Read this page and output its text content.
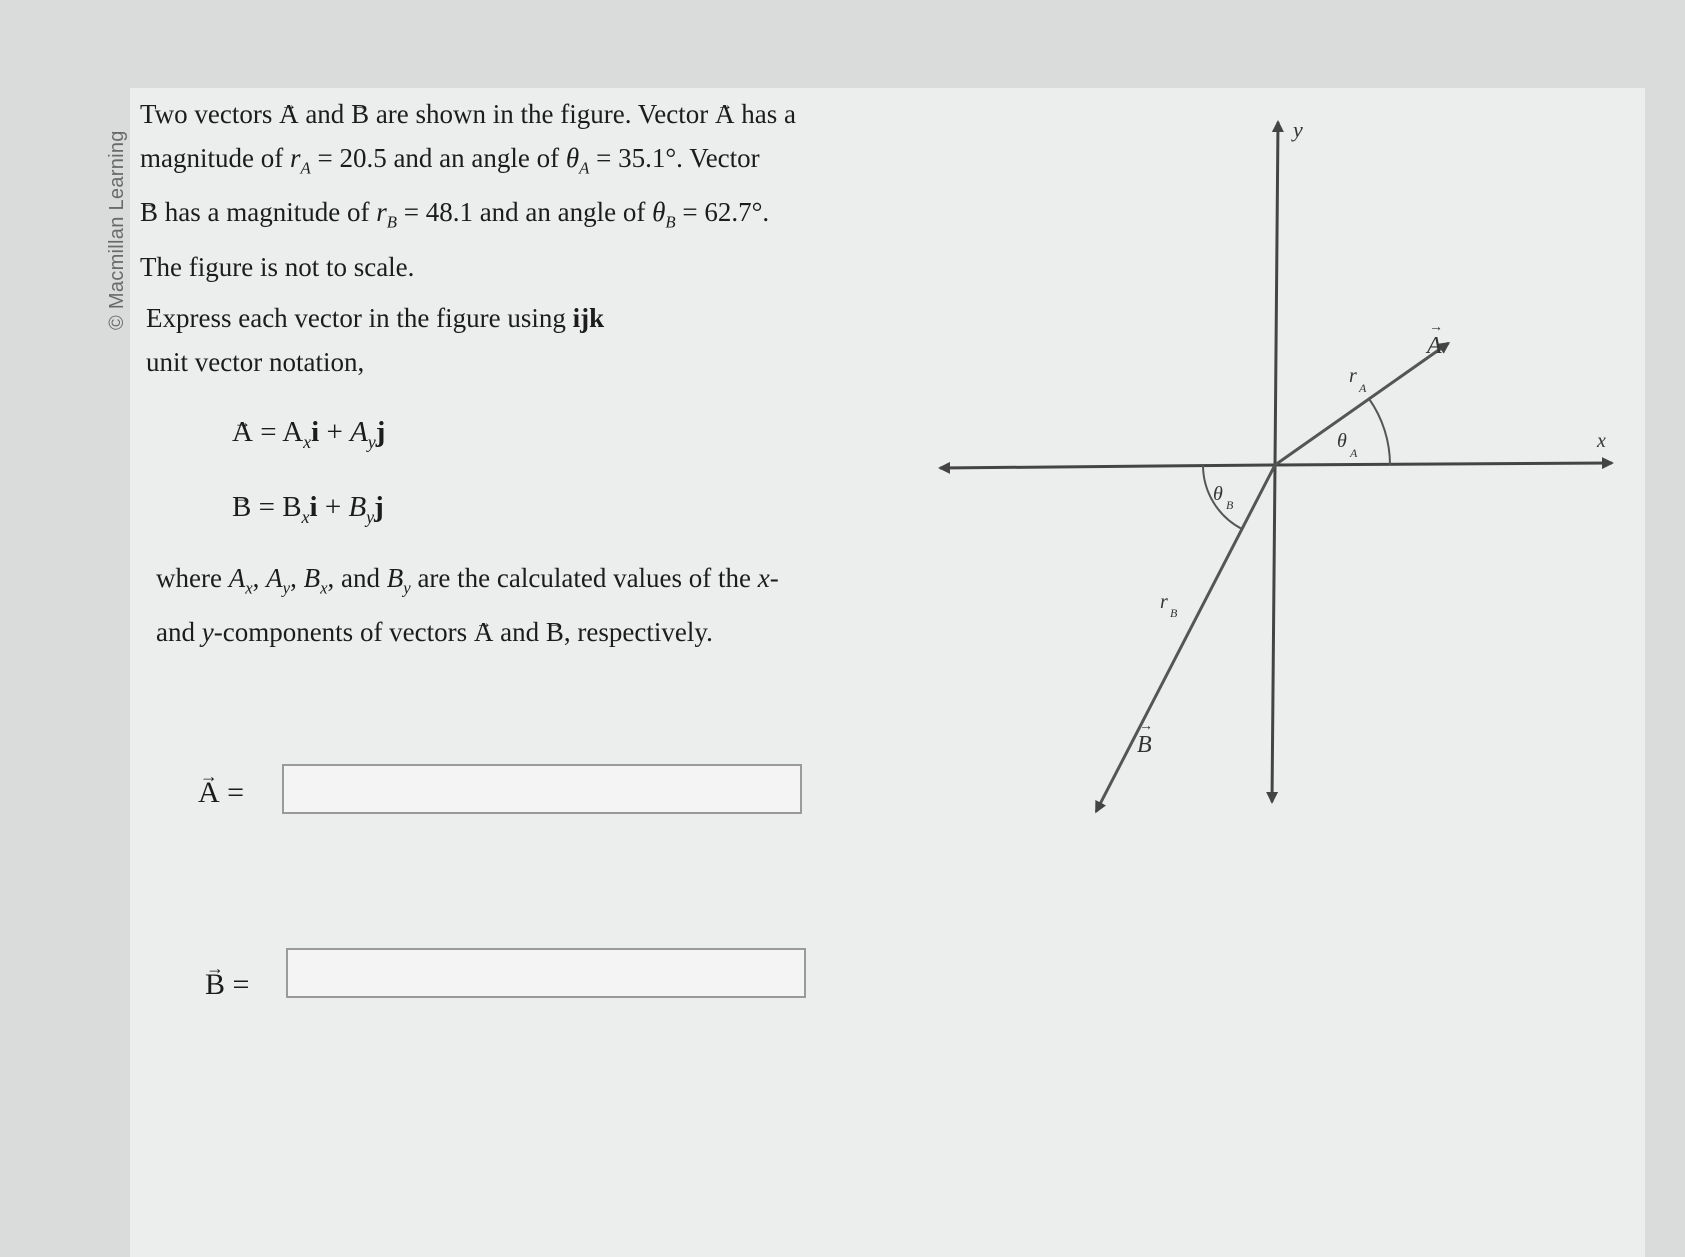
© Macmillan Learning
Two vectors A → and B → are shown in the figure. Vector A → has a magnitude of $r_A = 20.5$ and an angle of $\theta_A = 35.1^\circ$. Vector
B → has a magnitude of $r_B = 48.1$ and an angle of $\theta_B = 62.7^\circ$.
The figure is not to scale.
Express each vector in the figure using ijk
unit vector notation,
A → = $A_xi + A_yj$
B → = $B_xi + B_yj$
where $A_x$, $A_y$, $B_x$, and $B_y$ are the calculated values of the x-
and y-components of vectors A → and B →, respectively.
A → =
B → =
x
y
A
→
B
→
r
A
r B
θ
A
θ B
